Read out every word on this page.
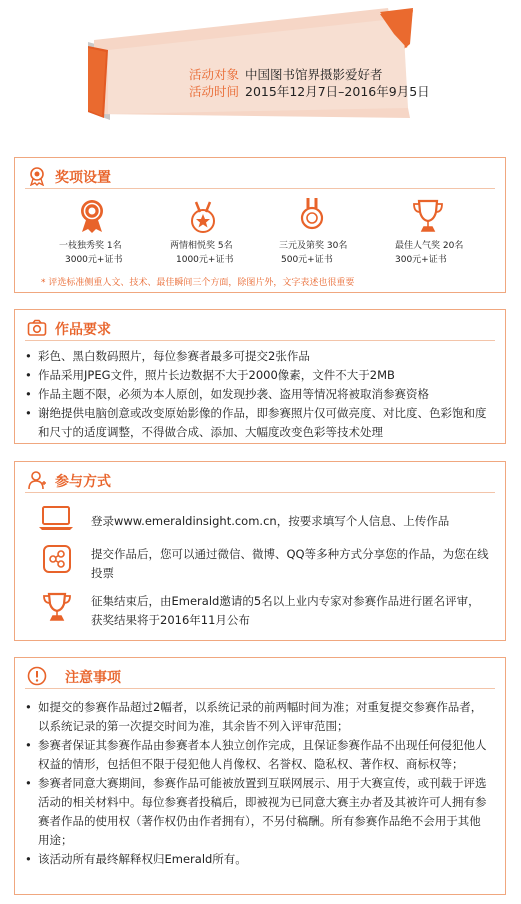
活动对象 中国图书馆界摄影爱好者
活动时间 2015年12月7日–2016年9月5日
奖项设置
一枝独秀奖 1名
3000元+证书
两情相悦奖 5名
1000元+证书
三元及第奖 30名
500元+证书
最佳人气奖 20名
300元+证书
* 评选标准侧重人文、技术、最佳瞬间三个方面，除图片外，文字表述也很重要
作品要求
• 彩色、黑白数码照片，每位参赛者最多可提交2张作品
• 作品采用JPEG文件，照片长边数据不大于2000像素，文件不大于2MB
• 作品主题不限，必须为本人原创，如发现抄袭、盗用等情况将被取消参赛资格
• 谢绝提供电脑创意或改变原始影像的作品，即参赛照片仅可做亮度、对比度、色彩饱和度和尺寸的适度调整，不得做合成、添加、大幅度改变色彩等技术处理
参与方式
登录www.emeraldinsight.com.cn，按要求填写个人信息、上传作品
提交作品后，您可以通过微信、微博、QQ等多种方式分享您的作品，为您在线投票
征集结束后，由Emerald邀请的5名以上业内专家对参赛作品进行匿名评审，获奖结果将于2016年11月公布
注意事项
• 如提交的参赛作品超过2幅者，以系统记录的前两幅时间为准；对重复提交参赛作品者，以系统记录的第一次提交时间为准，其余皆不列入评审范围；
• 参赛者保证其参赛作品由参赛者本人独立创作完成，且保证参赛作品不出现任何侵犯他人权益的情形，包括但不限于侵犯他人肖像权、名誉权、隐私权、著作权、商标权等；
• 参赛者同意大赛期间，参赛作品可能被放置到互联网展示、用于大赛宣传，或刊载于评选活动的相关材料中。每位参赛者投稿后，即被视为已同意大赛主办者及其被许可人拥有参赛者作品的使用权（著作权仍由作者拥有），不另付稿酬。所有参赛作品绝不会用于其他用途；
• 该活动所有最终解释权归Emerald所有。
